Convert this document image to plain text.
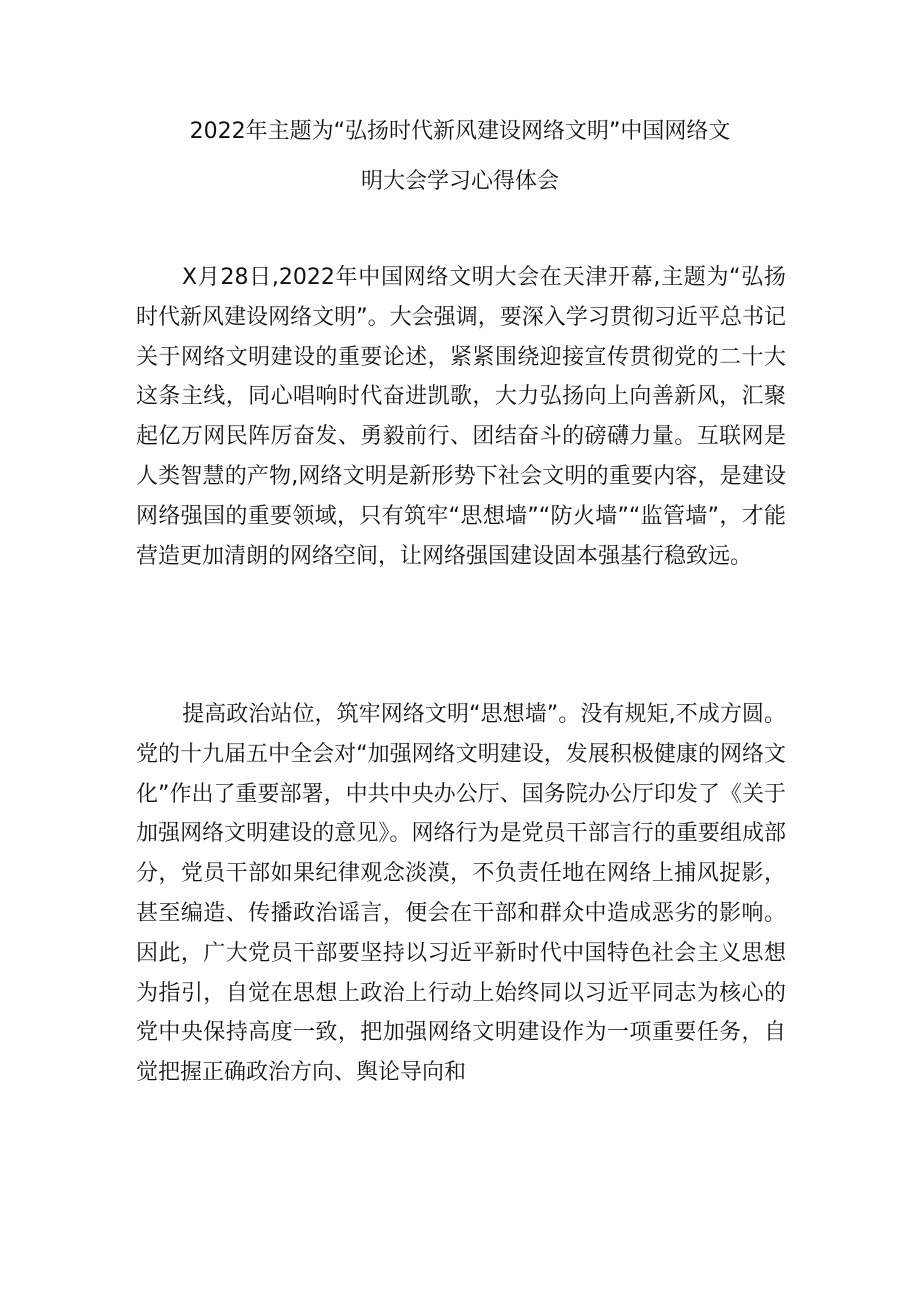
2022年主题为“弘扬时代新风建设网络文明”中国网络文
明大会学习心得体会

X月28日,2022年中国网络文明大会在天津开幕,主题为“弘扬时代新风建设网络文明”。大会强调，要深入学习贯彻习近平总书记关于网络文明建设的重要论述，紧紧围绕迎接宣传贯彻党的二十大这条主线，同心唱响时代奋进凯歌，大力弘扬向上向善新风，汇聚起亿万网民阵厉奋发、勇毅前行、团结奋斗的磅礴力量。互联网是人类智慧的产物,网络文明是新形势下社会文明的重要内容，是建设网络强国的重要领域，只有筑牢“思想墙”“防火墙”“监管墙”，才能营造更加清朗的网络空间，让网络强国建设固本强基行稳致远。

提高政治站位，筑牢网络文明“思想墙”。没有规矩,不成方圆。党的十九届五中全会对“加强网络文明建设，发展积极健康的网络文化”作出了重要部署，中共中央办公厅、国务院办公厅印发了《关于加强网络文明建设的意见》。网络行为是党员干部言行的重要组成部分，党员干部如果纪律观念淡漠，不负责任地在网络上捕风捉影，甚至编造、传播政治谣言，便会在干部和群众中造成恶劣的影响。因此，广大党员干部要坚持以习近平新时代中国特色社会主义思想为指引，自觉在思想上政治上行动上始终同以习近平同志为核心的党中央保持高度一致，把加强网络文明建设作为一项重要任务，自觉把握正确政治方向、舆论导向和
